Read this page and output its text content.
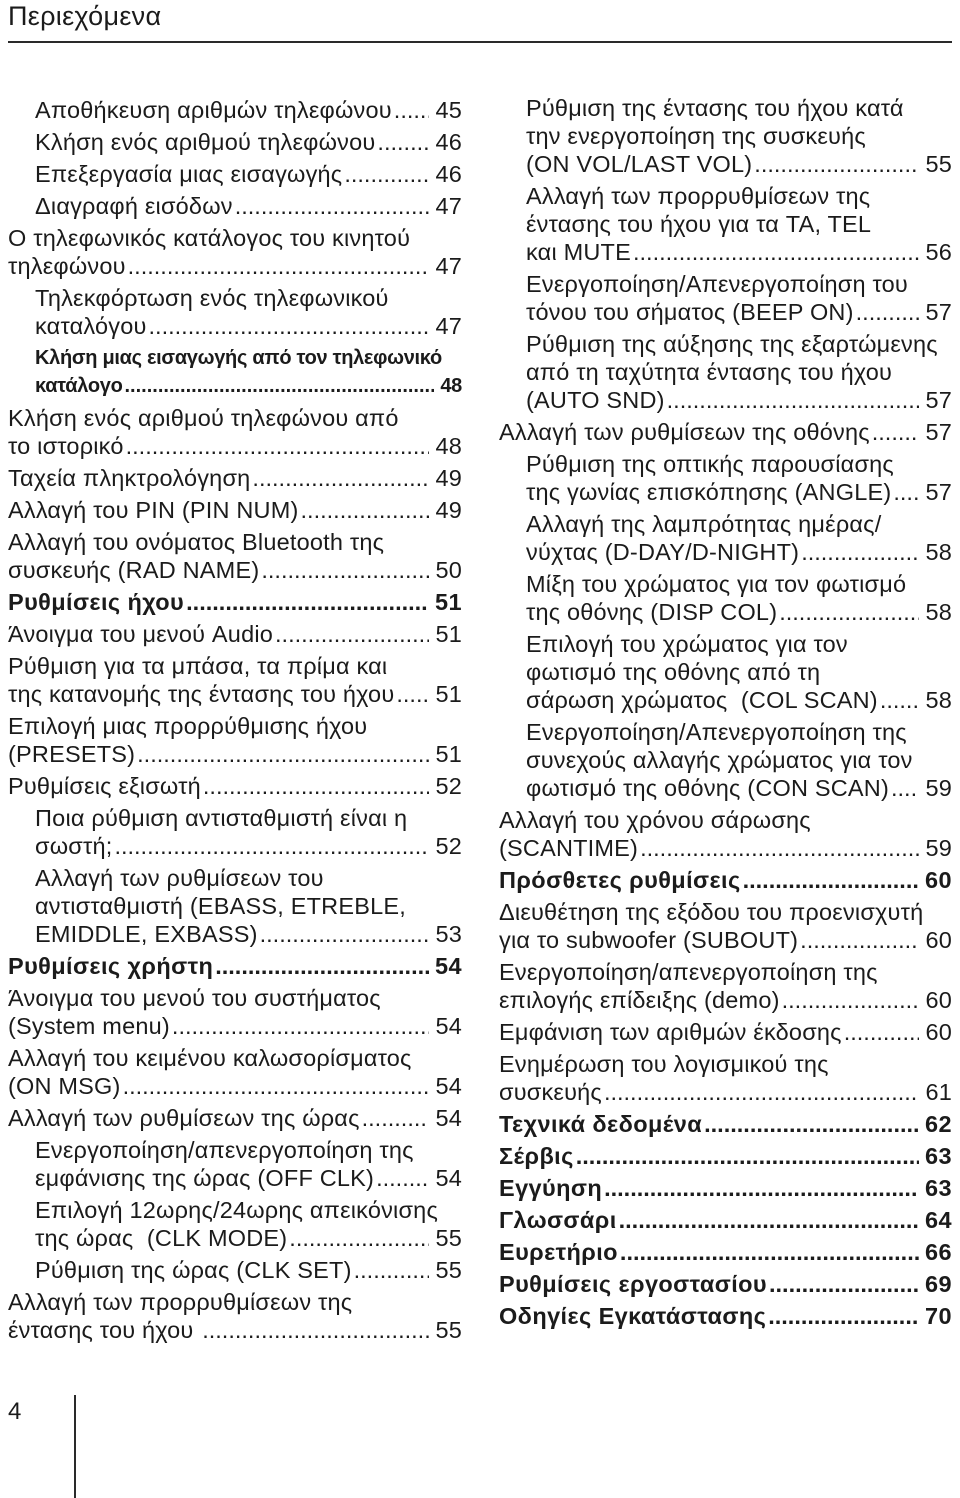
Περιεχόμενα
Αποθήκευση αριθμών τηλεφώνου ..... 45
Κλήση ενός αριθμού τηλεφώνου .....	46
Επεξεργασία μιας εισαγωγής .....	46
Διαγραφή εισόδων .....	47
Ο τηλεφωνικός κατάλογος του κινητού
τηλεφώνου .....	47
Τηλεκφόρτωση ενός τηλεφωνικού
καταλόγου .....	47
Κλήση μιας εισαγωγής από τον τηλεφωνικό
κατάλογο .....	48
Κλήση ενός αριθμού τηλεφώνου από
το ιστορικό .....	48
Ταχεία πληκτρολόγηση .....	49
Αλλαγή του PIN (PIN NUM) .....	49
Αλλαγή του ονόματος Bluetooth της
συσκευής (RAD NAME) .....	50
Ρυθμίσεις ήχου .....	51
Άνοιγμα του μενού Audio .....	51
Ρύθμιση για τα μπάσα, τα πρίμα και
της κατανομής της έντασης του ήχου ..... 51
Επιλογή μιας προρρύθμισης ήχου
(PRESETS) .....	51
Ρυθμίσεις εξισωτή .....	52
Ποια ρύθμιση αντισταθμιστή είναι η
σωστή; .....	52
Αλλαγή των ρυθμίσεων του
αντισταθμιστή (EBASS, ETREBLE,
EMIDDLE, EXBASS) .....	53
Ρυθμίσεις χρήστη .....	54
Άνοιγμα του μενού του συστήματος
(System menu) .....	54
Αλλαγή του κειμένου καλωσορίσματος
(ON MSG) .....	54
Αλλαγή των ρυθμίσεων της ώρας .....	54
Ενεργοποίηση/απενεργοποίηση της
εμφάνισης της ώρας (OFF CLK) .....	54
Επιλογή 12ωρης/24ωρης απεικόνισης
της ώρας  (CLK MODE) .....	55
Ρύθμιση της ώρας (CLK SET) .....	55
Αλλαγή των προρρυθμίσεων της
έντασης του ήχου .....	55
Ρύθμιση της έντασης του ήχου κατά
την ενεργοποίηση της συσκευής
(ON VOL/LAST VOL) .....	55
Αλλαγή των προρρυθμίσεων της
έντασης του ήχου για τα TA, TEL
και MUTE .....	56
Ενεργοποίηση/Απενεργοποίηση του
τόνου του σήματος (BEEP ON) .....	57
Ρύθμιση της αύξησης της εξαρτώμενης
από τη ταχύτητα έντασης του ήχου
(AUTO SND) .....	57
Αλλαγή των ρυθμίσεων της οθόνης ..... 57
Ρύθμιση της οπτικής παρουσίασης
της γωνίας επισκόπησης (ANGLE) ..... 57
Αλλαγή της λαμπρότητας ημέρας/
νύχτας (D-DAY/D-NIGHT) .....	58
Μίξη του χρώματος για τον φωτισμό
της οθόνης (DISP COL) .....	58
Επιλογή του χρώματος για τον
φωτισμό της οθόνης από τη
σάρωση χρώματος  (COL SCAN) ..... 58
Ενεργοποίηση/Απενεργοποίηση της
συνεχούς αλλαγής χρώματος για τον
φωτισμό της οθόνης (CON SCAN) ..... 59
Αλλαγή του χρόνου σάρωσης
(SCANTIME) .....	59
Πρόσθετες ρυθμίσεις .....	60
Διευθέτηση της εξόδου του προενισχυτή
για το subwoofer (SUBOUT) .....	60
Ενεργοποίηση/απενεργοποίηση της
επιλογής επίδειξης (demo) .....	60
Εμφάνιση των αριθμών έκδοσης .....	60
Ενημέρωση του λογισμικού της
συσκευής .....	61
Τεχνικά δεδομένα .....	62
Σέρβις .....	63
Εγγύηση .....	63
Γλωσσάρι .....	64
Ευρετήριο .....	66
Ρυθμίσεις εργοστασίου .....	69
Οδηγίες Εγκατάστασης .....	70
4
